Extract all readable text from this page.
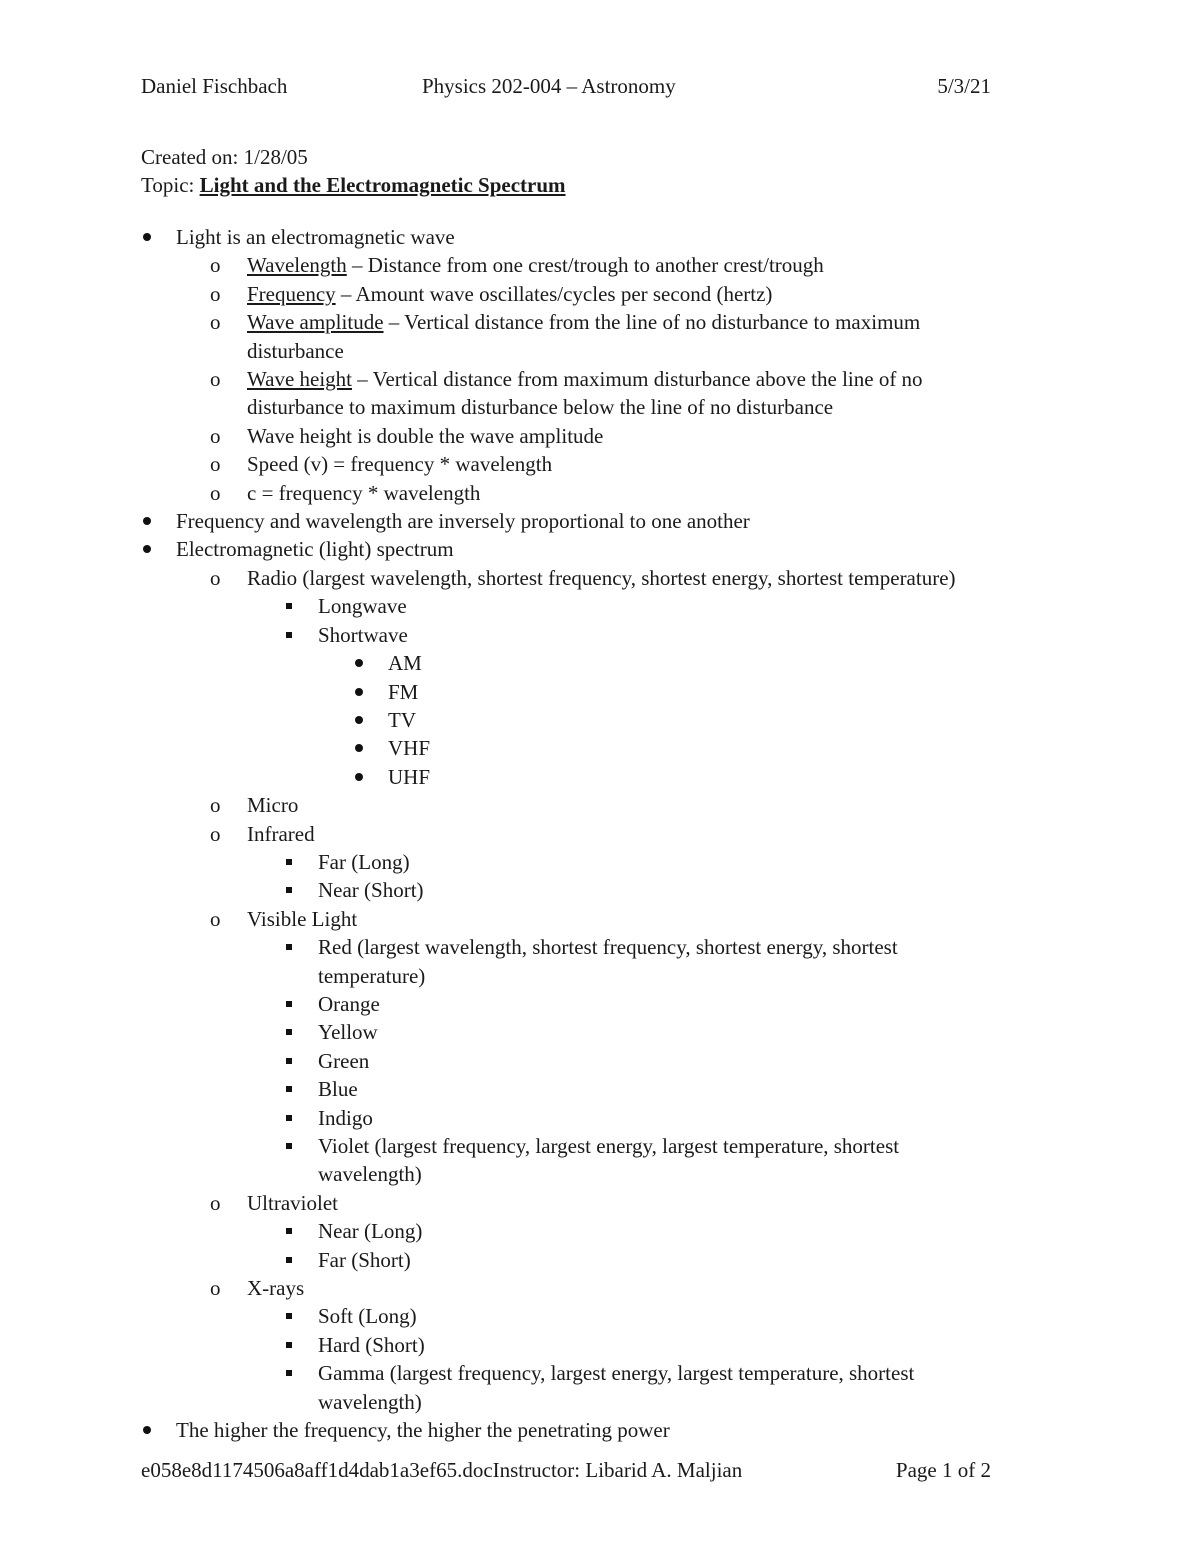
Daniel Fischbach	Physics 202-004 – Astronomy	5/3/21
Created on: 1/28/05
Topic: Light and the Electromagnetic Spectrum
Light is an electromagnetic wave
o Wavelength – Distance from one crest/trough to another crest/trough
o Frequency – Amount wave oscillates/cycles per second (hertz)
o Wave amplitude – Vertical distance from the line of no disturbance to maximum
disturbance
o Wave height – Vertical distance from maximum disturbance above the line of no
disturbance to maximum disturbance below the line of no disturbance
o Wave height is double the wave amplitude
o Speed (v) = frequency * wavelength
o c = frequency * wavelength
Frequency and wavelength are inversely proportional to one another
Electromagnetic (light) spectrum
o Radio (largest wavelength, shortest frequency, shortest energy, shortest temperature)
Longwave
Shortwave
AM
FM
TV
VHF
UHF
o Micro
o Infrared
Far (Long)
Near (Short)
o Visible Light
Red (largest wavelength, shortest frequency, shortest energy, shortest
temperature)
Orange
Yellow
Green
Blue
Indigo
Violet (largest frequency, largest energy, largest temperature, shortest
wavelength)
o Ultraviolet
Near (Long)
Far (Short)
o X-rays
Soft (Long)
Hard (Short)
Gamma (largest frequency, largest energy, largest temperature, shortest
wavelength)
The higher the frequency, the higher the penetrating power
e058e8d1174506a8aff1d4dab1a3ef65.docInstructor: Libarid A. Maljian	Page 1 of 2
